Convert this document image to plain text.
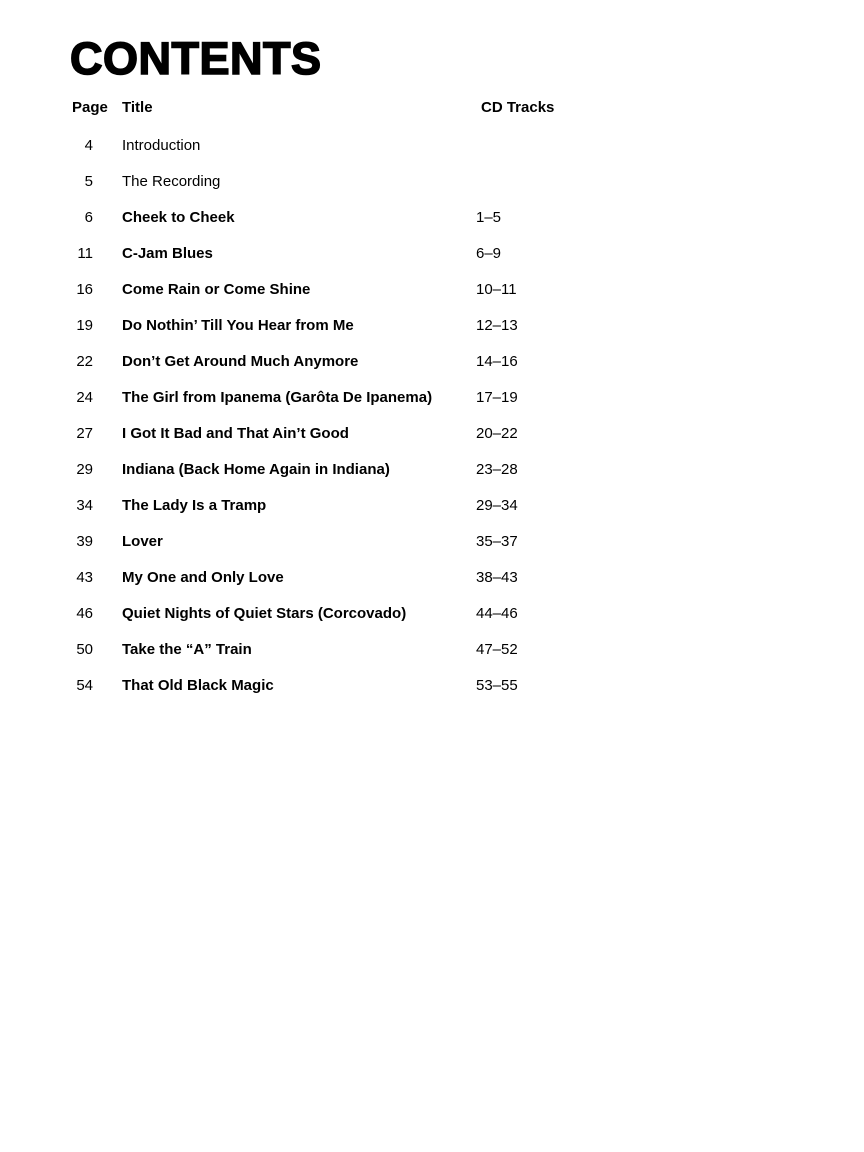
CONTENTS
Page Title	CD Tracks
4 Introduction
5 The Recording
6 Cheek to Cheek	1–5
11 C-Jam Blues	6–9
16 Come Rain or Come Shine	10–11
19 Do Nothin’ Till You Hear from Me	12–13
22 Don’t Get Around Much Anymore	14–16
24 The Girl from Ipanema (Garôta De Ipanema)	17–19
27 I Got It Bad and That Ain’t Good	20–22
29 Indiana (Back Home Again in Indiana)	23–28
34 The Lady Is a Tramp	29–34
39 Lover	35–37
43 My One and Only Love	38–43
46 Quiet Nights of Quiet Stars (Corcovado)	44–46
50 Take the “A” Train	47–52
54 That Old Black Magic	53–55
